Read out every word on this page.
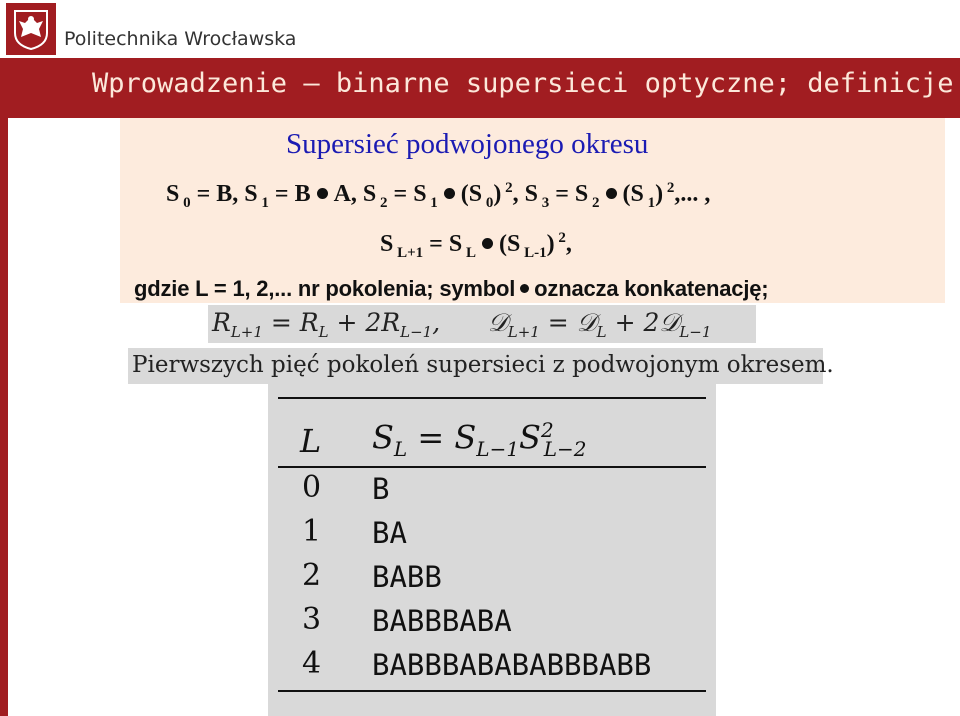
Politechnika Wrocławska
Wprowadzenie — binarne supersieci optyczne; definicje
Supersieć podwojonego okresu
S $_0$ = B, S $_1$ = B A, S $_2$ = S $_1$ (S $_0$) $^2$, S $_3$ = S $_2$ (S $_1$) $^2$,... ,
S $_{L+1}$ = S $_L$ (S $_{L-1}$) $^2$,
gdzie L = 1, 2,... nr pokolenia; symbol oznacza konkatenację;
$R_{L+1} = R_L + 2R_{L-1}$,      𝒟$_{L+1}$ = 𝒟$_L$ + 2𝒟$_{L-1}$
Pierwszych pięć pokoleń supersieci z podwojonym okresem.
L $S_L = S_{L-1}S^2_{L-2}$
0 B
1 BA
2 BABB
3 BABBBABA
4 BABBBABABABBBABB
